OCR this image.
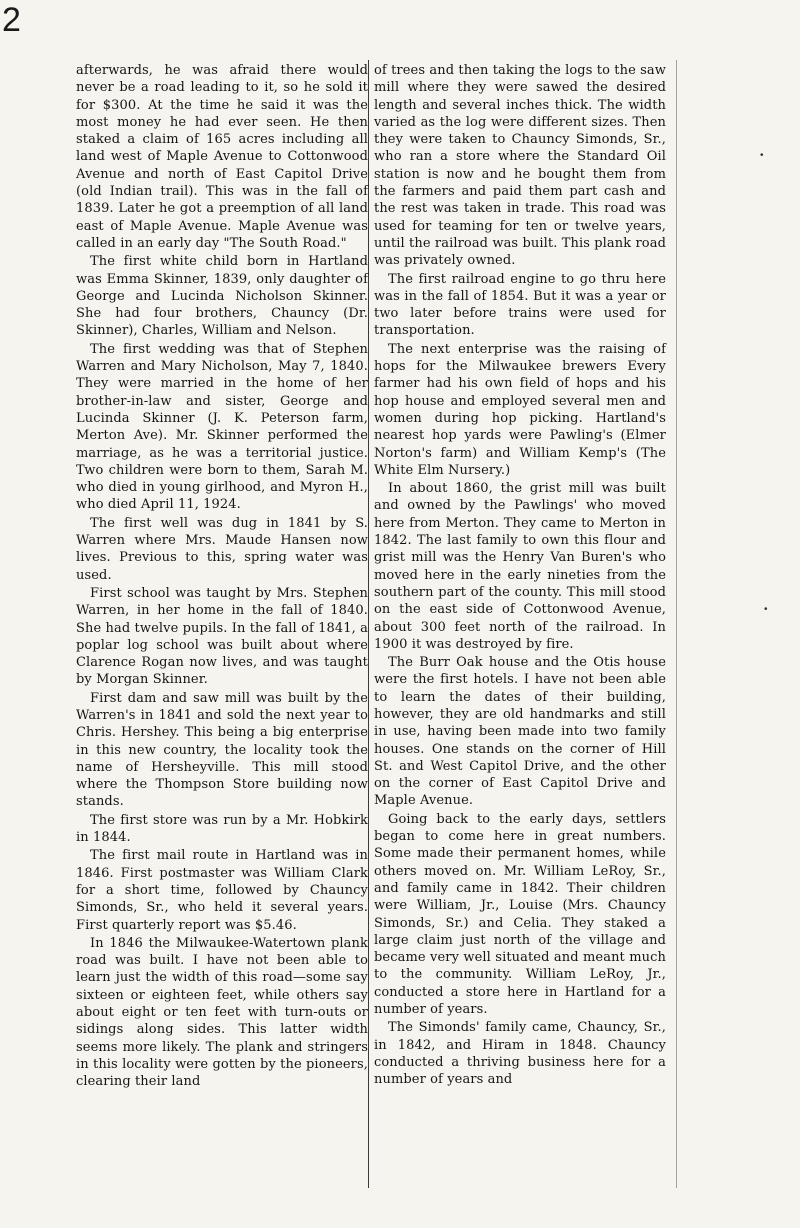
2
•
•

afterwards, he was afraid there would never be a road leading to it, so he sold it for $300. At the time he said it was the most money he had ever seen. He then staked a claim of 165 acres including all land west of Maple Avenue to Cottonwood Avenue and north of East Capitol Drive (old Indian trail). This was in the fall of 1839. Later he got a preemption of all land east of Maple Avenue. Maple Avenue was called in an early day "The South Road."

The first white child born in Hartland was Emma Skinner, 1839, only daughter of George and Lucinda Nicholson Skinner. She had four brothers, Chauncy (Dr. Skinner), Charles, William and Nelson.

The first wedding was that of Stephen Warren and Mary Nicholson, May 7, 1840. They were married in the home of her brother-in-law and sister, George and Lucinda Skinner (J. K. Peterson farm, Merton Ave). Mr. Skinner performed the marriage, as he was a territorial justice. Two children were born to them, Sarah M. who died in young girlhood, and Myron H., who died April 11, 1924.

The first well was dug in 1841 by S. Warren where Mrs. Maude Hansen now lives. Previous to this, spring water was used.

First school was taught by Mrs. Stephen Warren, in her home in the fall of 1840. She had twelve pupils. In the fall of 1841, a poplar log school was built about where Clarence Rogan now lives, and was taught by Morgan Skinner.

First dam and saw mill was built by the Warren's in 1841 and sold the next year to Chris. Hershey. This being a big enterprise in this new country, the locality took the name of Hersheyville. This mill stood where the Thompson Store building now stands.

The first store was run by a Mr. Hobkirk in 1844.

The first mail route in Hartland was in 1846. First postmaster was William Clark for a short time, followed by Chauncy Simonds, Sr., who held it several years. First quarterly report was $5.46.

In 1846 the Milwaukee-Watertown plank road was built. I have not been able to learn just the width of this road—some say sixteen or eighteen feet, while others say about eight or ten feet with turn-outs or sidings along sides. This latter width seems more likely. The plank and stringers in this locality were gotten by the pioneers, clearing their land

of trees and then taking the logs to the saw mill where they were sawed the desired length and several inches thick. The width varied as the log were different sizes. Then they were taken to Chauncy Simonds, Sr., who ran a store where the Standard Oil station is now and he bought them from the farmers and paid them part cash and the rest was taken in trade. This road was used for teaming for ten or twelve years, until the railroad was built. This plank road was privately owned.

The first railroad engine to go thru here was in the fall of 1854. But it was a year or two later before trains were used for transportation.

The next enterprise was the raising of hops for the Milwaukee brewers Every farmer had his own field of hops and his hop house and employed several men and women during hop picking. Hartland's nearest hop yards were Pawling's (Elmer Norton's farm) and William Kemp's (The White Elm Nursery.)

In about 1860, the grist mill was built and owned by the Pawlings' who moved here from Merton. They came to Merton in 1842. The last family to own this flour and grist mill was the Henry Van Buren's who moved here in the early nineties from the southern part of the county. This mill stood on the east side of Cottonwood Avenue, about 300 feet north of the railroad. In 1900 it was destroyed by fire.

The Burr Oak house and the Otis house were the first hotels. I have not been able to learn the dates of their building, however, they are old handmarks and still in use, having been made into two family houses. One stands on the corner of Hill St. and West Capitol Drive, and the other on the corner of East Capitol Drive and Maple Avenue.

Going back to the early days, settlers began to come here in great numbers. Some made their permanent homes, while others moved on. Mr. William LeRoy, Sr., and family came in 1842. Their children were William, Jr., Louise (Mrs. Chauncy Simonds, Sr.) and Celia. They staked a large claim just north of the village and became very well situated and meant much to the community. William LeRoy, Jr., conducted a store here in Hartland for a number of years.

The Simonds' family came, Chauncy, Sr., in 1842, and Hiram in 1848. Chauncy conducted a thriving business here for a number of years and
